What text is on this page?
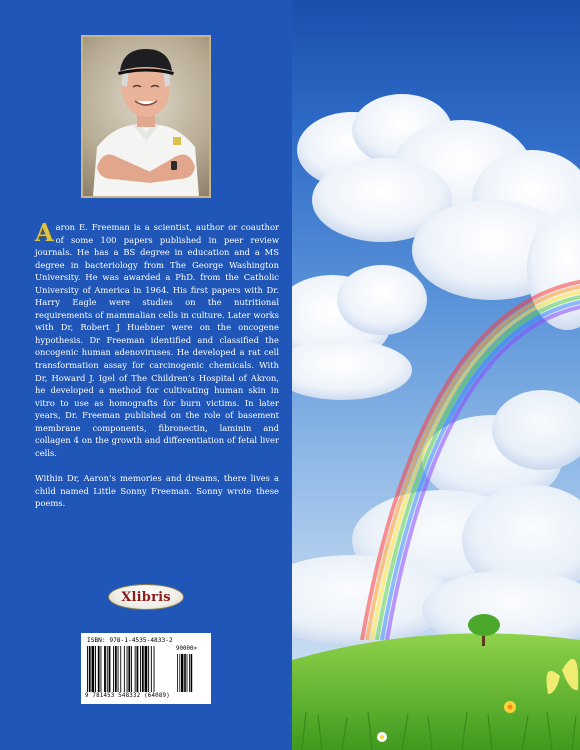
Aaron E. Freeman is a scientist, author or coauthor of some 100 papers published in peer review journals. He has a BS degree in education and a MS degree in bacteriology from The George Washington University. He was awarded a PhD. from the Catholic University of America in 1964. His first papers with Dr. Harry Eagle were studies on the nutritional requirements of mammalian cells in culture. Later works with Dr, Robert J Huebner were on the oncogene hypothesis. Dr Freeman identified and classified the oncogenic human adenoviruses. He developed a rat cell transformation assay for carcinogenic chemicals. With Dr, Howard J. Igel of The Children’s Hospital of Akron, he developed a method for cultivating human skin in vitro to use as homografts for burn victims. In later years, Dr. Freeman published on the role of basement membrane components, fibronectin, laminin and collagen 4 on the growth and differentiation of fetal liver cells.

Within Dr, Aaron’s memories and dreams, there lives a child named Little Sonny Freeman. Sonny wrote these poems.

Xlibris
ISBN: 978-1-4535-4833-2
9 781453 548332 (64089)
90000>
